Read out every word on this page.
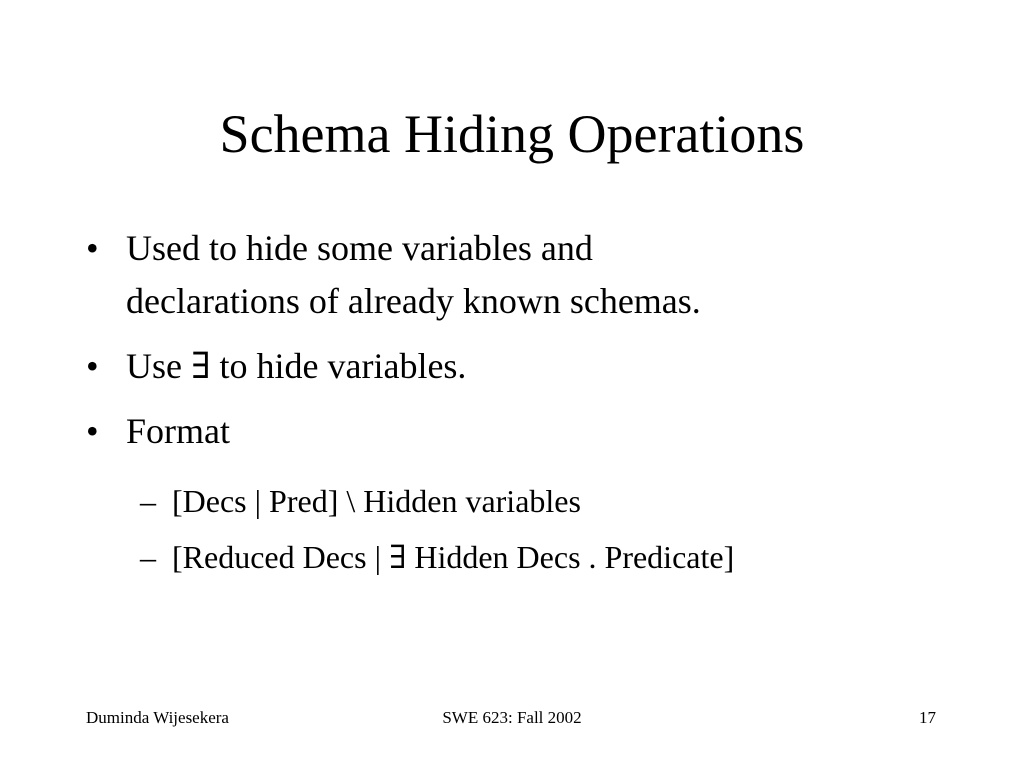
Schema Hiding Operations
• Used to hide some variables and
declarations of already known schemas.
• Use ∃ to hide variables.
• Format
– [Decs | Pred] \ Hidden variables
– [Reduced Decs | ∃ Hidden Decs . Predicate]
Duminda Wijesekera	SWE 623: Fall 2002	17
